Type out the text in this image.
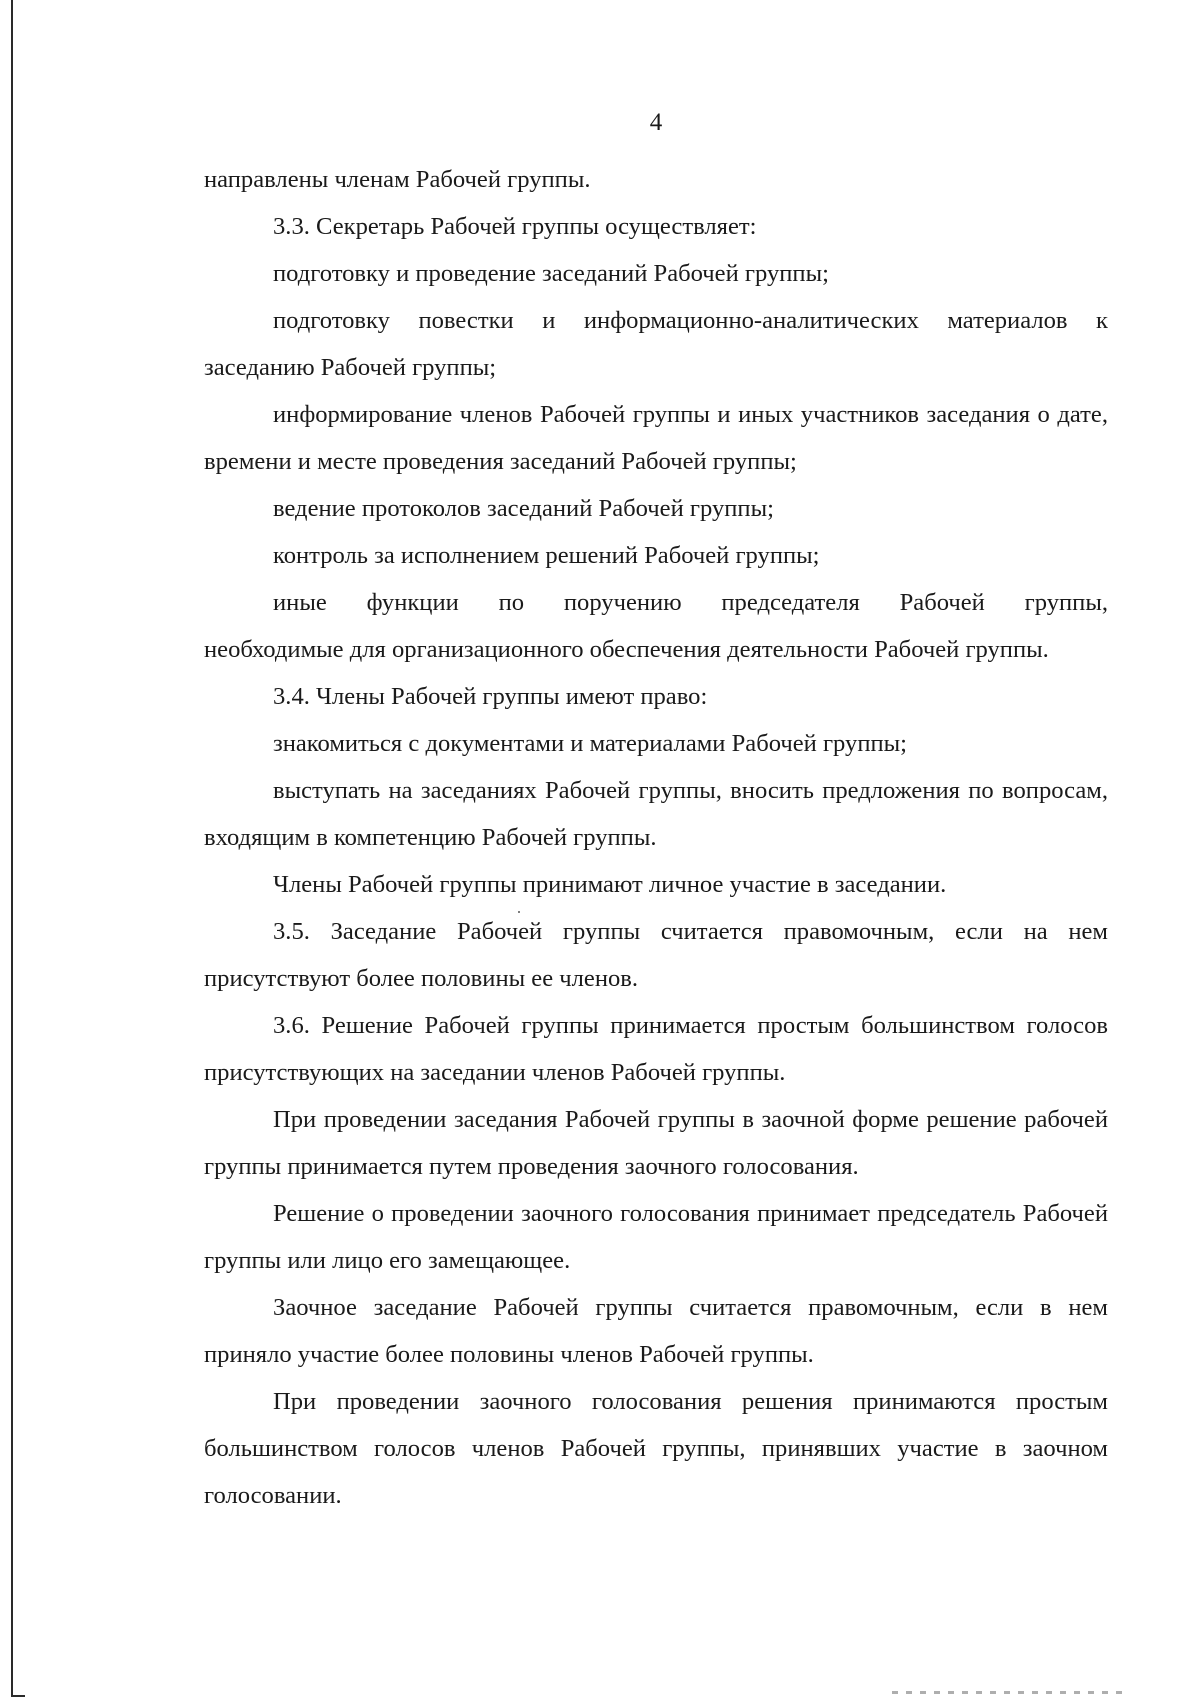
4

направлены членам Рабочей группы.

3.3. Секретарь Рабочей группы осуществляет:

подготовку и проведение заседаний Рабочей группы;

подготовку повестки и информационно-аналитических материалов к заседанию Рабочей группы;

информирование членов Рабочей группы и иных участников заседания о дате, времени и месте проведения заседаний Рабочей группы;

ведение протоколов заседаний Рабочей группы;

контроль за исполнением решений Рабочей группы;

иные функции по поручению председателя Рабочей группы,

необходимые для организационного обеспечения деятельности Рабочей группы.

3.4. Члены Рабочей группы имеют право:

знакомиться с документами и материалами Рабочей группы;

выступать на заседаниях Рабочей группы, вносить предложения по вопросам, входящим в компетенцию Рабочей группы.

Члены Рабочей группы принимают личное участие в заседании.

3.5. Заседание Рабочей группы считается правомочным, если на нем присутствуют более половины ее членов.

3.6. Решение Рабочей группы принимается простым большинством голосов присутствующих на заседании членов Рабочей группы.

При проведении заседания Рабочей группы в заочной форме решение рабочей группы принимается путем проведения заочного голосования.

Решение о проведении заочного голосования принимает председатель Рабочей группы или лицо его замещающее.

Заочное заседание Рабочей группы считается правомочным, если в нем приняло участие более половины членов Рабочей группы.

При проведении заочного голосования решения принимаются простым большинством голосов членов Рабочей группы, принявших участие в заочном голосовании.
